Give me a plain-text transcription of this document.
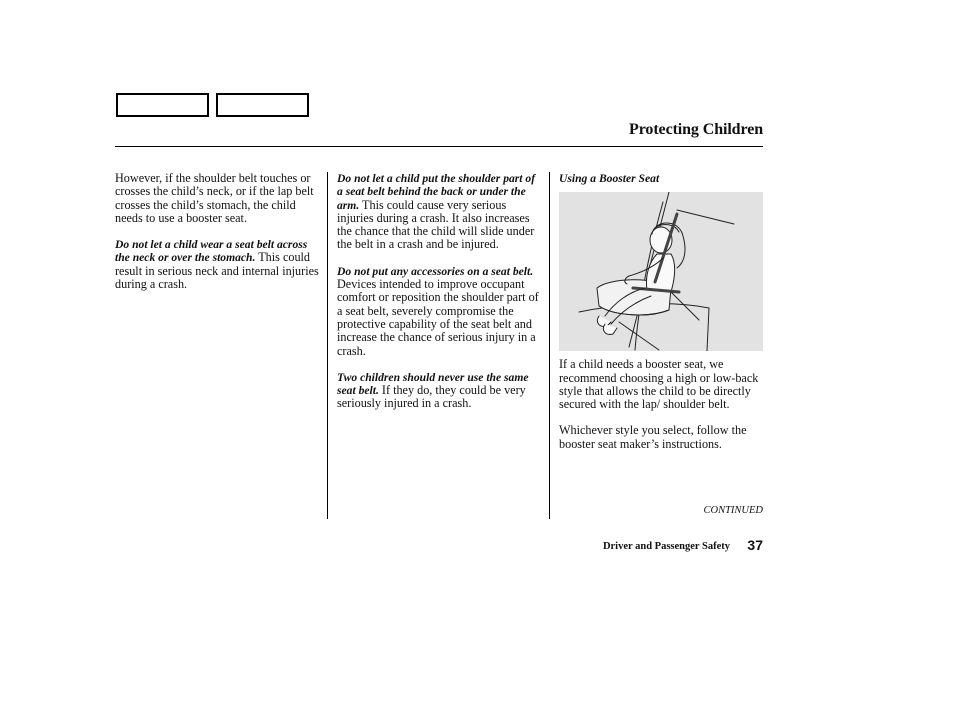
Protecting Children

However, if the shoulder belt touches or crosses the child’s neck, or if the lap belt crosses the child’s stomach, the child needs to use a booster seat.

Do not let a child wear a seat belt across the neck or over the stomach. This could result in serious neck and internal injuries during a crash.

Do not let a child put the shoulder part of a seat belt behind the back or under the arm. This could cause very serious injuries during a crash. It also increases the chance that the child will slide under the belt in a crash and be injured.

Do not put any accessories on a seat belt. Devices intended to improve occupant comfort or reposition the shoulder part of a seat belt, severely compromise the protective capability of the seat belt and increase the chance of serious injury in a crash.

Two children should never use the same seat belt. If they do, they could be very seriously injured in a crash.

Using a Booster Seat

If a child needs a booster seat, we recommend choosing a high or low-back style that allows the child to be directly secured with the lap/ shoulder belt.

Whichever style you select, follow the booster seat maker’s instructions.

CONTINUED
Driver and Passenger Safety 37
